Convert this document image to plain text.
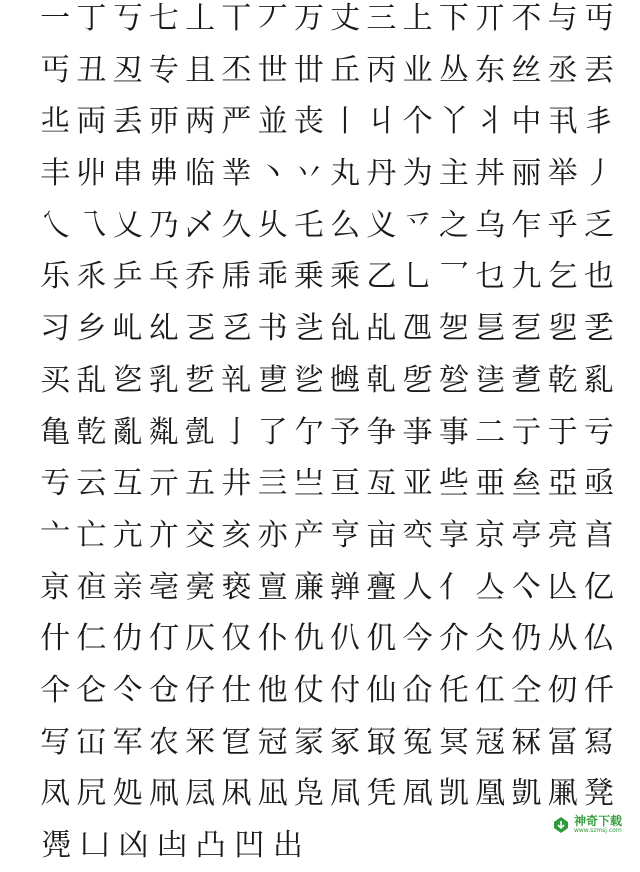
一 丁 丂 七 丄 丅 丆 万 丈 三 上 下 丌 不 与 丏
丐 丑 丒 专 且 丕 世 丗 丘 丙 业 丛 东 丝 丞 丟
丠 両 丢 丣 两 严 並 丧 丨 丩 个 丫 丬 中 丮 丯
丰 丱 串 丳 临 丵 丶 丷 丸 丹 为 主 丼 丽 举 丿
乀 乁 乂 乃 乄 久 乆 乇 么 义 乊 之 乌 乍 乎 乏
乐 乑 乒 乓 乔 乕 乖 乗 乘 乙 乚 乛 乜 九 乞 也
习 乡 乢 乣 乤 乥 书 乧 乨 乩 乪 乫 乬 乭 乮 乯
买 乱 乲 乳 乴 乵 乶 乷 乸 乹 乺 乻 乼 乽 乾 乿
亀 亁 亂 亃 亄 亅 了 亇 予 争 亊 事 二 亍 于 亏
亐 云 互 亓 五 井 亖 亗 亘 亙 亚 些 亜 亝 亞 亟
亠 亡 亢 亣 交 亥 亦 产 亨 亩 亪 享 京 亭 亮 亯
亰 亱 亲 亳 亴 亵 亶 亷 亸 亹 人 亻 亼 亽 亾 亿
什 仁 仂 仃 仄 仅 仆 仇 仈 仉 今 介 仌 仍 从 仏
仐 仑 仒 仓 仔 仕 他 仗 付 仙 仚 仛 仜 仝 仞 仟
写 冚 军 农 冞 冟 冠 冡 冢 冣 冤 冥 冦 冧 冨 冩
凤 凥 処 凧 凨 凩 凪 凫 凬 凭 凮 凯 凰 凱 凲 凳
凴 凵 凶 凷 凸 凹 出
神奇下载
www.szmsj.com
